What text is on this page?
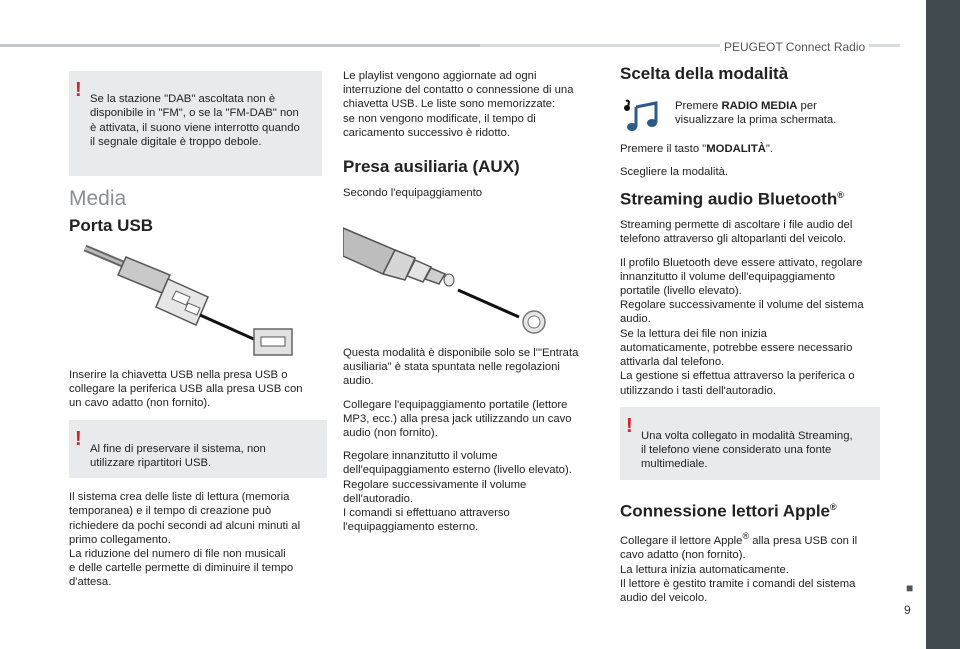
PEUGEOT Connect Radio
■
9

! Se la stazione "DAB" ascoltata non è
disponibile in "FM", o se la "FM-DAB" non
è attivata, il suono viene interrotto quando
il segnale digitale è troppo debole.

Media
Porta USB

Inserire la chiavetta USB nella presa USB o
collegare la periferica USB alla presa USB con
un cavo adatto (non fornito).

! Al fine di preservare il sistema, non
utilizzare ripartitori USB.

Il sistema crea delle liste di lettura (memoria
temporanea) e il tempo di creazione può
richiedere da pochi secondi ad alcuni minuti al
primo collegamento.
La riduzione del numero di file non musicali
e delle cartelle permette di diminuire il tempo
d'attesa.

Le playlist vengono aggiornate ad ogni
interruzione del contatto o connessione di una
chiavetta USB. Le liste sono memorizzate:
se non vengono modificate, il tempo di
caricamento successivo è ridotto.

Presa ausiliaria (AUX)

Secondo l'equipaggiamento

Questa modalità è disponibile solo se l'"Entrata
ausiliaria" è stata spuntata nelle regolazioni
audio.

Collegare l'equipaggiamento portatile (lettore
MP3, ecc.) alla presa jack utilizzando un cavo
audio (non fornito).

Regolare innanzitutto il volume
dell'equipaggiamento esterno (livello elevato).
Regolare successivamente il volume
dell'autoradio.
I comandi si effettuano attraverso
l'equipaggiamento esterno.

Scelta della modalità

Premere RADIO MEDIA per
visualizzare la prima schermata.

Premere il tasto "MODALITÀ".

Scegliere la modalità.

Streaming audio Bluetooth®

Streaming permette di ascoltare i file audio del
telefono attraverso gli altoparlanti del veicolo.

Il profilo Bluetooth deve essere attivato, regolare
innanzitutto il volume dell'equipaggiamento
portatile (livello elevato).
Regolare successivamente il volume del sistema
audio.
Se la lettura dei file non inizia
automaticamente, potrebbe essere necessario
attivarla dal telefono.
La gestione si effettua attraverso la periferica o
utilizzando i tasti dell'autoradio.

! Una volta collegato in modalità Streaming,
il telefono viene considerato una fonte
multimediale.

Connessione lettori Apple®

Collegare il lettore Apple® alla presa USB con il
cavo adatto (non fornito).
La lettura inizia automaticamente.
Il lettore è gestito tramite i comandi del sistema
audio del veicolo.
